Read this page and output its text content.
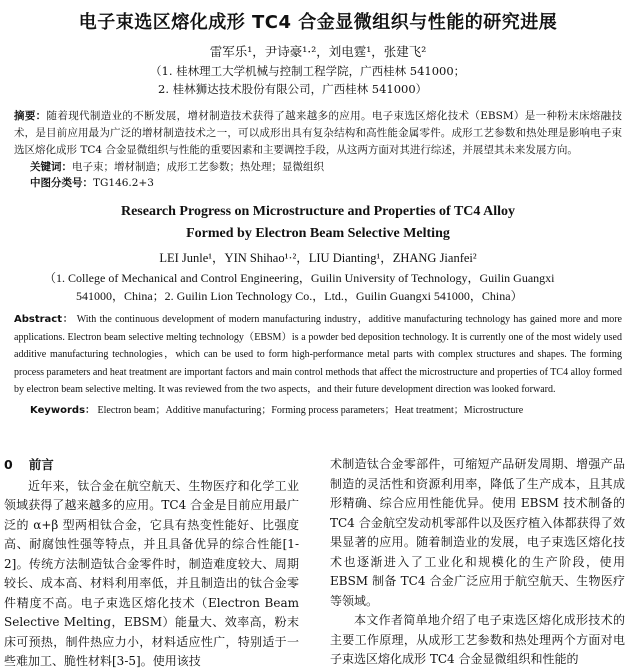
电子束选区熔化成形 TC4 合金显微组织与性能的研究进展
雷军乐¹，尹诗豪¹·²，刘电霆¹，张建飞²
（1. 桂林理工大学机械与控制工程学院，广西桂林 541000；
2. 桂林狮达技术股份有限公司，广西桂林 541000）
摘要：随着现代制造业的不断发展，增材制造技术获得了越来越多的应用。电子束选区熔化技术（EBSM）是一种粉末床熔融技术，是目前应用最为广泛的增材制造技术之一，可以成形出具有复杂结构和高性能金属零件。成形工艺参数和热处理是影响电子束选区熔化成形 TC4 合金显微组织与性能的重要因素和主要调控手段，从这两方面对其进行综述，并展望其未来发展方向。
关键词：电子束；增材制造；成形工艺参数；热处理；显微组织
中图分类号：TG146.2+3
Research Progress on Microstructure and Properties of TC4 Alloy
Formed by Electron Beam Selective Melting
LEI Junle¹，YIN Shihao¹·²，LIU Dianting¹，ZHANG Jianfei²
（1. College of Mechanical and Control Engineering，Guilin University of Technology，Guilin Guangxi
541000，China；2. Guilin Lion Technology Co.，Ltd.，Guilin Guangxi 541000，China）
Abstract： With the continuous development of modern manufacturing industry，additive manufacturing technology has gained more and more applications. Electron beam selective melting technology（EBSM）is a powder bed deposition technology. It is currently one of the most widely used additive manufacturing technologies，which can be used to form high-performance metal parts with complex structures and shapes. The forming process parameters and heat treatment are important factors and main control methods that affect the microstructure and properties of TC4 alloy formed by electron beam selective melting. It was reviewed from the two aspects，and their future development direction was looked forward.
Keywords： Electron beam；Additive manufacturing；Forming process parameters；Heat treatment；Microstructure
0 前言

近年来，钛合金在航空航天、生物医疗和化学工业领域获得了越来越多的应用。TC4 合金是目前应用最广泛的 α+β 型两相钛合金，它具有热变性能好、比强度高、耐腐蚀性强等特点，并且具备优异的综合性能[1-2]。传统方法制造钛合金零件时，制造难度较大、周期较长、成本高、材料利用率低，并且制造出的钛合金零件精度不高。电子束选区熔化技术（Electron Beam Selective Melting，EBSM）能量大、效率高，粉末床可预热，制件热应力小，材料适应性广，特别适于一些难加工、脆性材料[3-5]。使用该技

术制造钛合金零部件，可缩短产品研发周期、增强产品制造的灵活性和资源利用率，降低了生产成本，且其成形精确、综合应用性能优异。使用 EBSM 技术制备的 TC4 合金航空发动机零部件以及医疗植入体都获得了效果显著的应用。随着制造业的发展，电子束选区熔化技术也逐渐进入了工业化和规模化的生产阶段，使用 EBSM 制备 TC4 合金广泛应用于航空航天、生物医疗等领域。

本文作者简单地介绍了电子束选区熔化成形技术的主要工作原理，从成形工艺参数和热处理两个方面对电子束选区熔化成形 TC4 合金显微组织和性能的
